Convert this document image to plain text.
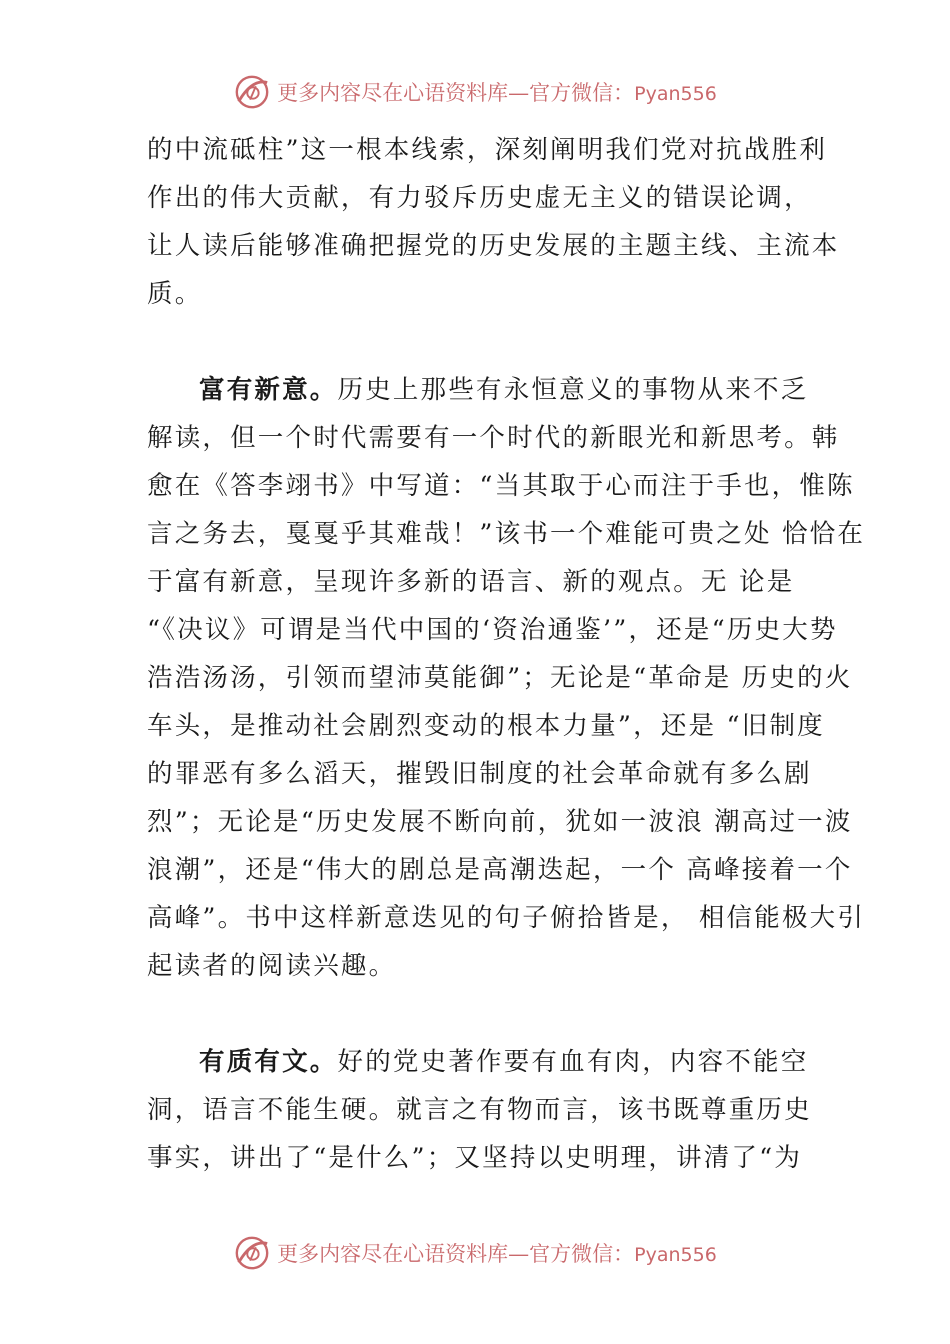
更多内容尽在心语资料库—官方微信：Pyan556
的中流砥柱”这一根本线索，深刻阐明我们党对抗战胜利
作出的伟大贡献，有力驳斥历史虚无主义的错误论调，
让人读后能够准确把握党的历史发展的主题主线、主流本
质。
富有新意。历史上那些有永恒意义的事物从来不乏
解读，但一个时代需要有一个时代的新眼光和新思考。韩
愈在《答李翊书》中写道：“当其取于心而注于手也，惟陈
言之务去，戛戛乎其难哉！”该书一个难能可贵之处 恰恰在
于富有新意，呈现许多新的语言、新的观点。无 论是
“《决议》可谓是当代中国的‘资治通鉴’”，还是“历史大势
浩浩汤汤，引领而望沛莫能御”；无论是“革命是 历史的火
车头，是推动社会剧烈变动的根本力量”，还是 “旧制度
的罪恶有多么滔天，摧毁旧制度的社会革命就有多么剧
烈”；无论是“历史发展不断向前，犹如一波浪 潮高过一波
浪潮”，还是“伟大的剧总是高潮迭起，一个 高峰接着一个
高峰”。书中这样新意迭见的句子俯拾皆是， 相信能极大引
起读者的阅读兴趣。
有质有文。好的党史著作要有血有肉，内容不能空
洞，语言不能生硬。就言之有物而言，该书既尊重历史
事实，讲出了“是什么”；又坚持以史明理，讲清了“为
更多内容尽在心语资料库—官方微信：Pyan556
